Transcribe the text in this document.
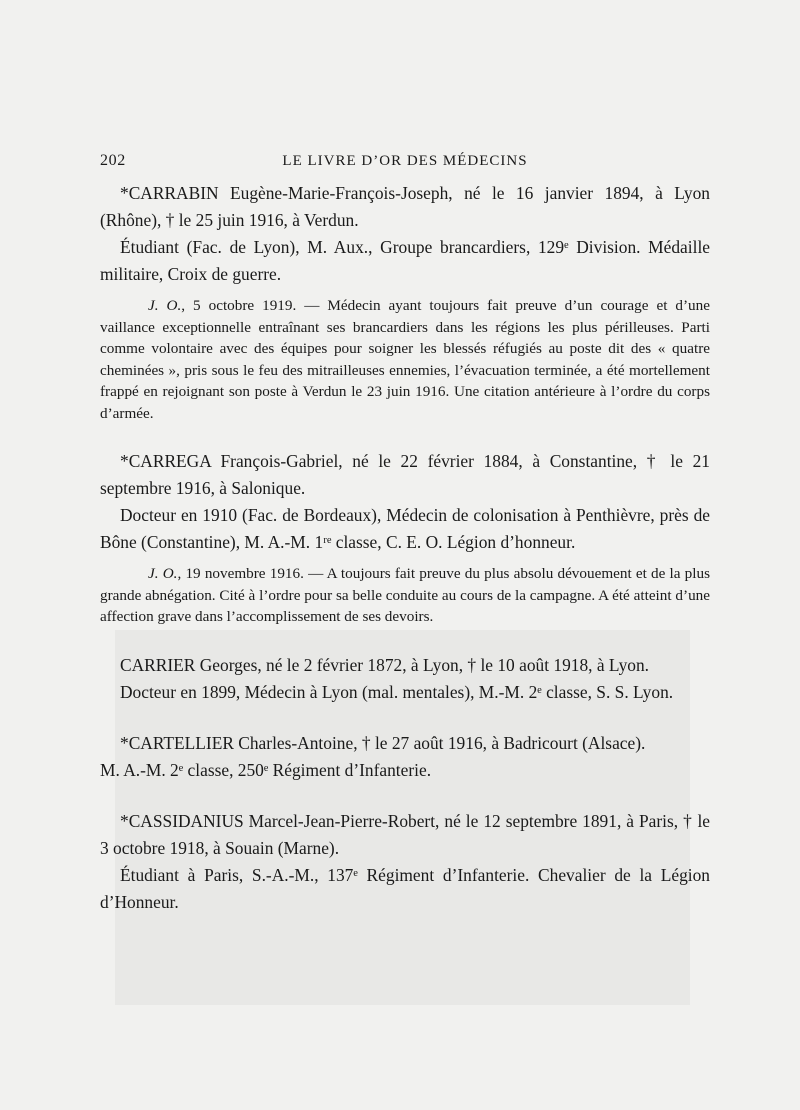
202	LE LIVRE D’OR DES MÉDECINS

*CARRABIN Eugène-Marie-François-Joseph, né le 16 janvier 1894, à Lyon (Rhône), † le 25 juin 1916, à Verdun.

Étudiant (Fac. de Lyon), M. Aux., Groupe brancardiers, 129ᵉ Division. Médaille militaire, Croix de guerre.

J. O., 5 octobre 1919. — Médecin ayant toujours fait preuve d’un courage et d’une vaillance exceptionnelle entraînant ses brancardiers dans les régions les plus périlleuses. Parti comme volontaire avec des équipes pour soigner les blessés réfugiés au poste dit des « quatre cheminées », pris sous le feu des mitrailleuses ennemies, l’évacuation terminée, a été mortellement frappé en rejoignant son poste à Verdun le 23 juin 1916. Une citation antérieure à l’ordre du corps d’armée.

*CARREGA François-Gabriel, né le 22 février 1884, à Constantine, † le 21 septembre 1916, à Salonique.

Docteur en 1910 (Fac. de Bordeaux), Médecin de colonisation à Penthièvre, près de Bône (Constantine), M. A.-M. 1ʳᵉ classe, C. E. O. Légion d’honneur.

J. O., 19 novembre 1916. — A toujours fait preuve du plus absolu dévouement et de la plus grande abnégation. Cité à l’ordre pour sa belle conduite au cours de la campagne. A été atteint d’une affection grave dans l’accomplissement de ses devoirs.

CARRIER Georges, né le 2 février 1872, à Lyon, † le 10 août 1918, à Lyon.

Docteur en 1899, Médecin à Lyon (mal. mentales), M.-M. 2ᵉ classe, S. S. Lyon.

*CARTELLIER Charles-Antoine, † le 27 août 1916, à Badricourt (Alsace).

M. A.-M. 2ᵉ classe, 250ᵉ Régiment d’Infanterie.

*CASSIDANIUS Marcel-Jean-Pierre-Robert, né le 12 septembre 1891, à Paris, † le 3 octobre 1918, à Souain (Marne).

Étudiant à Paris, S.-A.-M., 137ᵉ Régiment d’Infanterie. Chevalier de la Légion d’Honneur.
